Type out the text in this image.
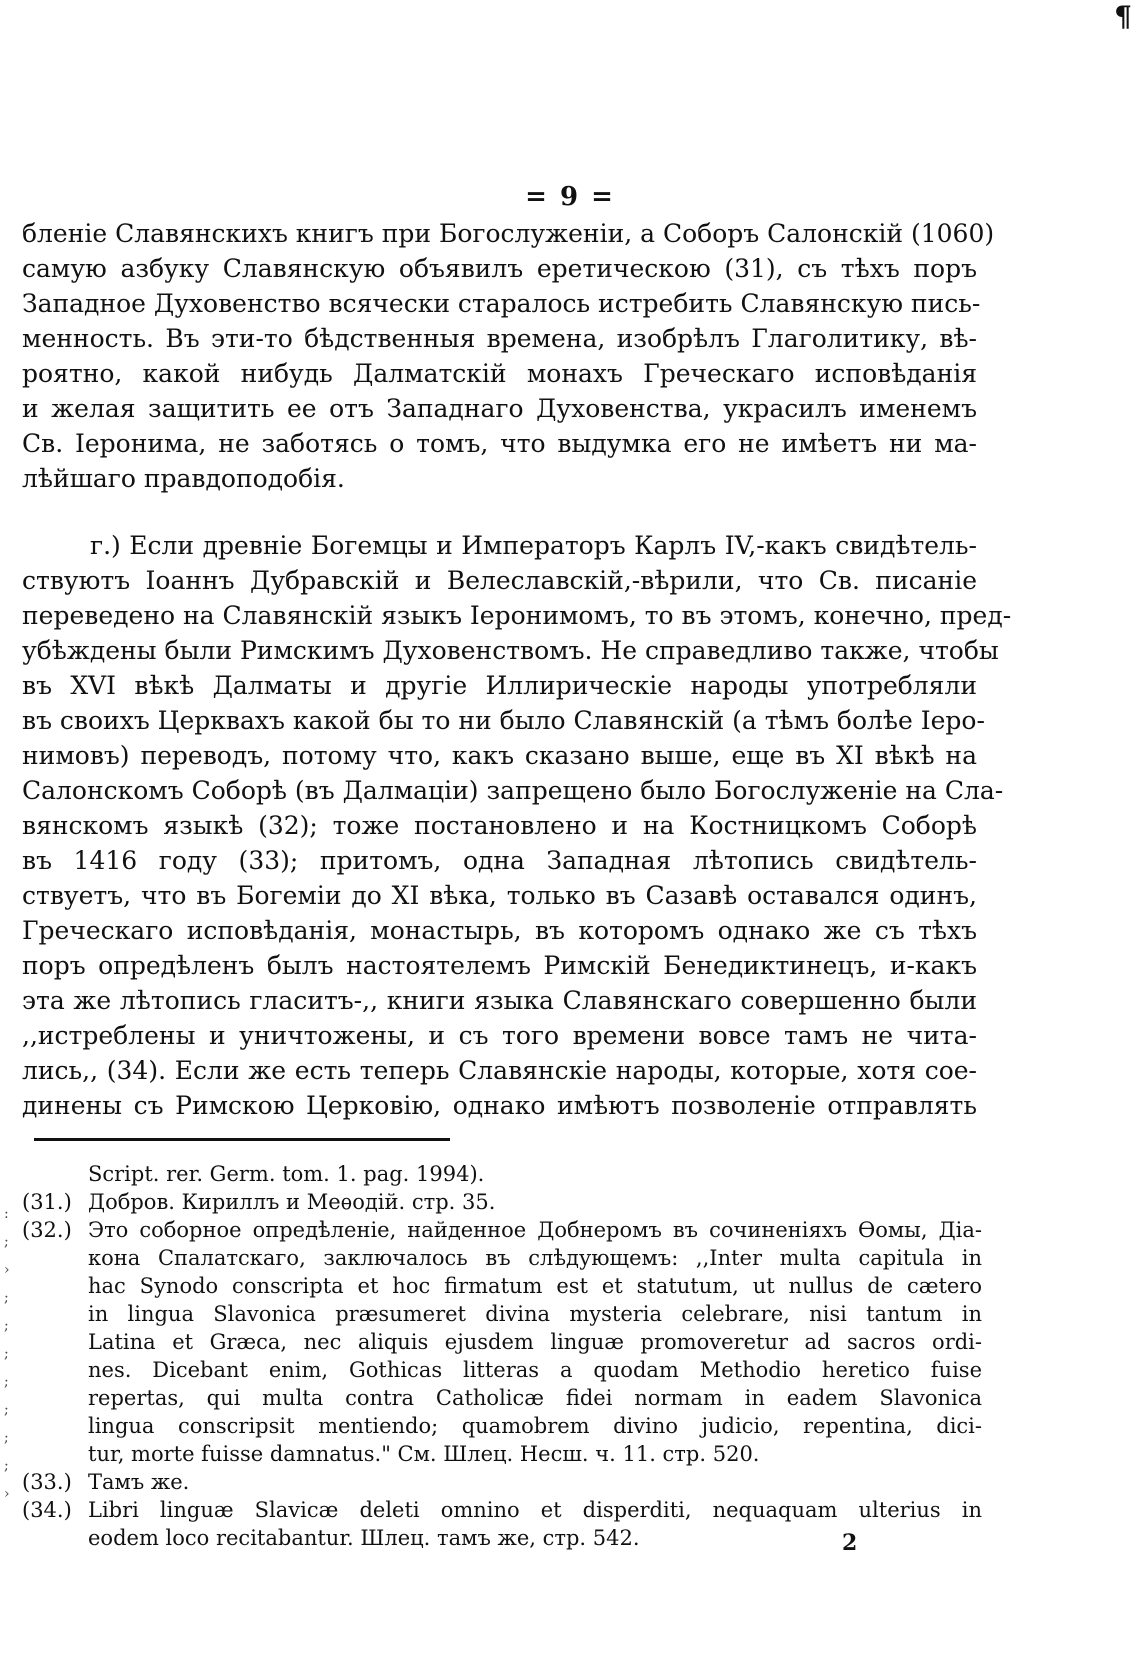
¶
= 9 =
бленіе Славянскихъ книгъ при Богослуженіи, а Соборъ Салонскій (1060)
самую азбуку Славянскую объявилъ еретическою (31), съ тѣхъ поръ
Западное Духовенство всячески старалось истребить Славянскую пись-
менность. Въ эти-то бѣдственныя времена, изобрѣлъ Глаголитику, вѣ-
роятно, какой нибудь Далматскій монахъ Греческаго исповѣданія
и желая защитить ее отъ Западнаго Духовенства, украсилъ именемъ
Св. Іеронима, не заботясь о томъ, что выдумка его не имѣетъ ни ма-
лѣйшаго правдоподобія.
г.) Если древніе Богемцы и Императоръ Карлъ IV,-какъ свидѣтель-
ствуютъ Іоаннъ Дубравскій и Велеславскій,-вѣрили, что Св. писаніе
переведено на Славянскій языкъ Іеронимомъ, то въ этомъ, конечно, пред-
убѣждены были Римскимъ Духовенствомъ. Не справедливо также, чтобы
въ XVI вѣкѣ Далматы и другіе Иллирическіе народы употребляли
въ своихъ Церквахъ какой бы то ни было Славянскій (а тѣмъ болѣе Іеро-
нимовъ) переводъ, потому что, какъ сказано выше, еще въ XI вѣкѣ на
Салонскомъ Соборѣ (въ Далмаціи) запрещено было Богослуженіе на Сла-
вянскомъ языкѣ (32); тоже постановлено и на Костницкомъ Соборѣ
въ 1416 году (33); притомъ, одна Западная лѣтопись свидѣтель-
ствуетъ, что въ Богеміи до XI вѣка, только въ Сазавѣ оставался одинъ,
Греческаго исповѣданія, монастырь, въ которомъ однако же съ тѣхъ
поръ опредѣленъ былъ настоятелемъ Римскій Бенедиктинецъ, и-какъ
эта же лѣтопись гласитъ-,, книги языка Славянскаго совершенно были
,,истреблены и уничтожены, и съ того времени вовсе тамъ не чита-
лись,, (34). Если же есть теперь Славянскіе народы, которые, хотя сое-
динены съ Римскою Церковію, однако имѣютъ позволеніе отправлять
Script. rer. Germ. tom. 1. pag. 1994).
(31.) Добров. Кириллъ и Меѳодій. стр. 35.
(32.) Это соборное опредѣленіе, найденное Добнеромъ въ сочиненіяхъ Ѳомы, Діа-
кона Спалатскаго, заключалось въ слѣдующемъ: ,,Inter multa capitula in
hac Synodo conscripta et hoc firmatum est et statutum, ut nullus de cætero
in lingua Slavonica præsumeret divina mysteria celebrare, nisi tantum in
Latina et Græca, nec aliquis ejusdem linguæ promoveretur ad sacros ordi-
nes. Dicebant enim, Gothicas litteras a quodam Methodio heretico fuise
repertas, qui multa contra Catholicæ fidei normam in eadem Slavonica
lingua conscripsit mentiendo; quamobrem divino judicio, repentina, dici-
tur, morte fuisse damnatus." См. Шлец. Несш. ч. 11. стр. 520.
(33.) Тамъ же.
(34.) Libri linguæ Slavicæ deleti omnino et disperditi, nequaquam ulterius in
eodem loco recitabantur. Шлец. тамъ же, стр. 542.
:
;
›
;
;
;
;
;
;
;
›
2
